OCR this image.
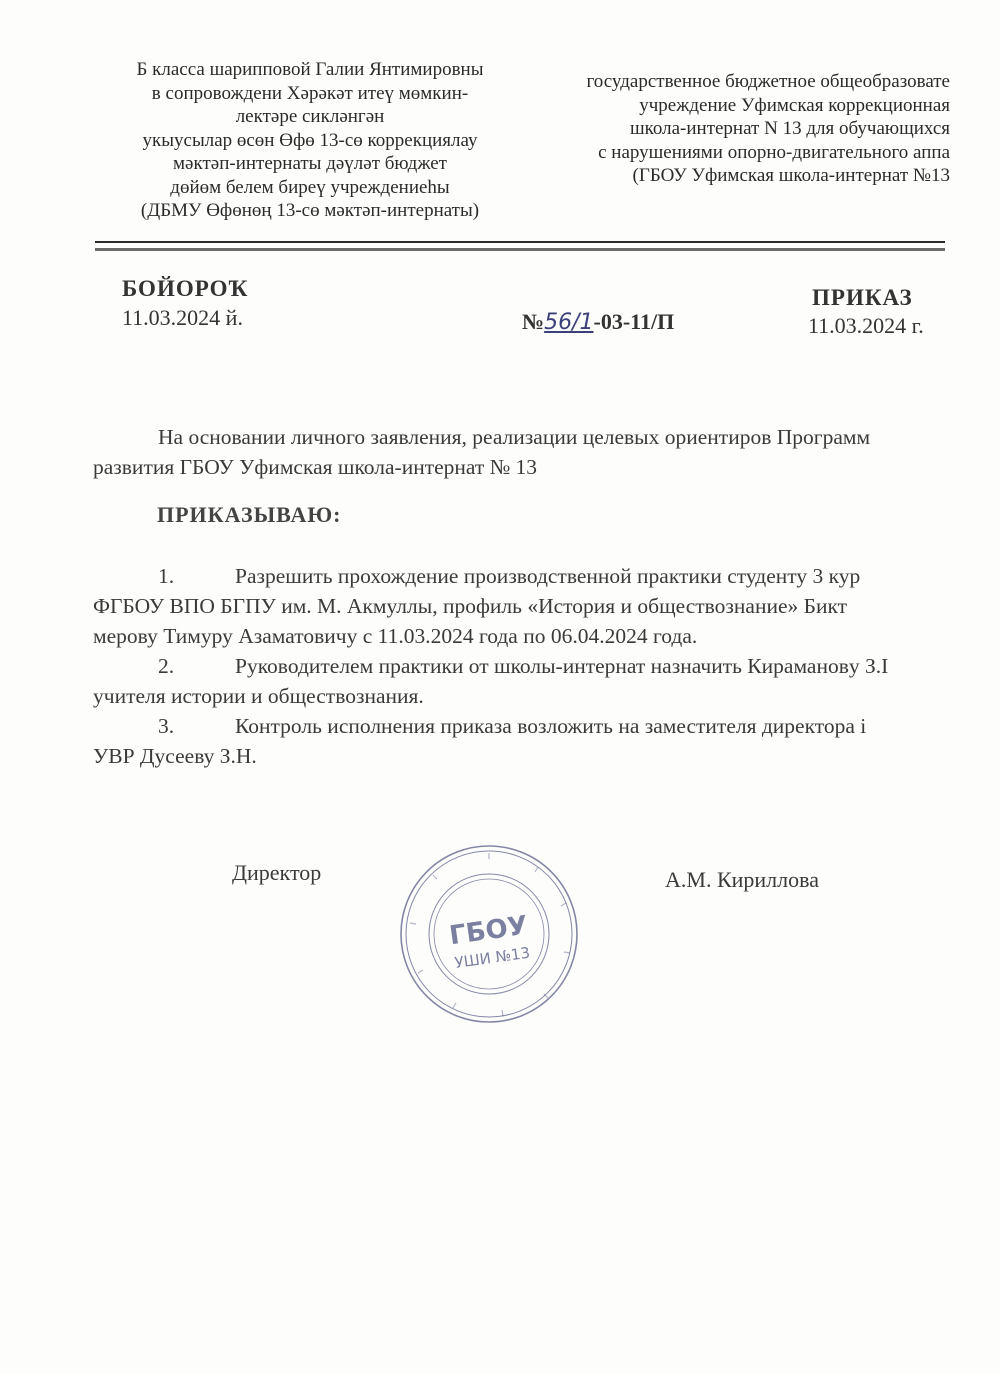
Б класса шарипповой Галии Янтимировны
в сопровождени Хәрәкәт итеү мөмкин-
лектәре сиклəнгән
укыусылар өсөн Өфө 13-сө коррекциялау
мәктәп-интернаты дәүләт бюджет
дөйөм белем биреү учреждениеһы
(ДБМУ Өфөнөң 13-сө мәктәп-интернаты)
государственное бюджетное общеобразовате
учреждение Уфимская коррекционная
школа-интернат N 13 для обучающихся
с нарушениями опорно-двигательного аппа
(ГБОУ Уфимская школа-интернат №13
БОЙОРОҠ
11.03.2024 й.	№56/1-03-11/П
ПРИКАЗ
11.03.2024 г.
На основании личного заявления, реализации целевых ориентиров Программ
развития ГБОУ Уфимская школа-интернат № 13
ПРИКАЗЫВАЮ:
1.	Разрешить прохождение производственной практики студенту 3 кур
ФГБОУ ВПО БГПУ им. М. Акмуллы, профиль «История и обществознание» Бикт
мерову Тимуру Азаматовичу с 11.03.2024 года по 06.04.2024 года.
2.	Руководителем практики от школы-интернат назначить Кирамановy З.I
учителя истории и обществознания.
3.	Контроль исполнения приказа возложить на заместителя директора і
УВР Дусееву З.Н.
Директор	А.М. Кириллова
ГБОУ
УШИ №13
